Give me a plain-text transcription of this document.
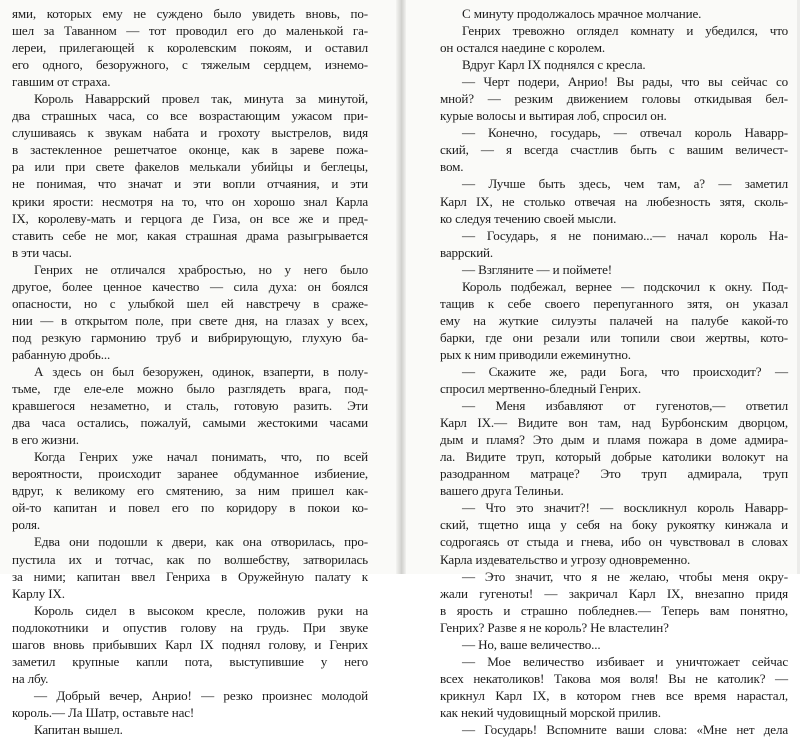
ями, которых ему не суждено было увидеть вновь, по-
шел за Таванном — тот проводил его до маленькой га-
лереи, прилегающей к королевским покоям, и оставил
его одного, безоружного, с тяжелым сердцем, изнемо-
гавшим от страха.
Король Наваррский провел так, минута за минутой,
два страшных часа, со все возрастающим ужасом при-
слушиваясь к звукам набата и грохоту выстрелов, видя
в застекленное решетчатое оконце, как в зареве пожа-
ра или при свете факелов мелькали убийцы и беглецы,
не понимая, что значат и эти вопли отчаяния, и эти
крики ярости: несмотря на то, что он хорошо знал Карла
IX, королеву-мать и герцога де Гиза, он все же и пред-
ставить себе не мог, какая страшная драма разыгрывается
в эти часы.
Генрих не отличался храбростью, но у него было
другое, более ценное качество — сила духа: он боялся
опасности, но с улыбкой шел ей навстречу в сраже-
нии — в открытом поле, при свете дня, на глазах у всех,
под резкую гармонию труб и вибрирующую, глухую ба-
рабанную дробь...
А здесь он был безоружен, одинок, взаперти, в полу-
тьме, где еле-еле можно было разглядеть врага, под-
кравшегося незаметно, и сталь, готовую разить. Эти
два часа остались, пожалуй, самыми жестокими часами
в его жизни.
Когда Генрих уже начал понимать, что, по всей
вероятности, происходит заранее обдуманное избиение,
вдруг, к великому его смятению, за ним пришел как-
ой-то капитан и повел его по коридору в покои ко-
роля.
Едва они подошли к двери, как она отворилась, про-
пустила их и тотчас, как по волшебству, затворилась
за ними; капитан ввел Генриха в Оружейную палату к
Карлу IX.
Король сидел в высоком кресле, положив руки на
подлокотники и опустив голову на грудь. При звуке
шагов вновь прибывших Карл IX поднял голову, и Генрих
заметил крупные капли пота, выступившие у него
на лбу.
— Добрый вечер, Анрио! — резко произнес молодой
король.— Ла Шатр, оставьте нас!
Капитан вышел.
С минуту продолжалось мрачное молчание.
Генрих тревожно оглядел комнату и убедился, что
он остался наедине с королем.
Вдруг Карл IX поднялся с кресла.
— Черт подери, Анрио! Вы рады, что вы сейчас со
мной? — резким движением головы откидывая бел-
курые волосы и вытирая лоб, спросил он.
— Конечно, государь, — отвечал король Наварр-
ский, — я всегда счастлив быть с вашим величест-
вом.
— Лучше быть здесь, чем там, а? — заметил
Карл IX, не столько отвечая на любезность зятя, сколь-
ко следуя течению своей мысли.
— Государь, я не понимаю...— начал король На-
варрский.
— Взгляните — и поймете!
Король подбежал, вернее — подскочил к окну. Под-
тащив к себе своего перепуганного зятя, он указал
ему на жуткие силуэты палачей на палубе какой-то
барки, где они резали или топили свои жертвы, кото-
рых к ним приводили ежеминутно.
— Скажите же, ради Бога, что происходит? —
спросил мертвенно-бледный Генрих.
— Меня избавляют от гугенотов,— ответил
Карл IX.— Видите вон там, над Бурбонским дворцом,
дым и пламя? Это дым и пламя пожара в доме адмира-
ла. Видите труп, который добрые католики волокут на
разодранном матраце? Это труп адмирала, труп
вашего друга Телиньи.
— Что это значит?! — воскликнул король Наварр-
ский, тщетно ища у себя на боку рукоятку кинжала и
содрогаясь от стыда и гнева, ибо он чувствовал в словах
Карла издевательство и угрозу одновременно.
— Это значит, что я не желаю, чтобы меня окру-
жали гугеноты! — закричал Карл IX, внезапно придя
в ярость и страшно побледнев.— Теперь вам понятно,
Генрих? Разве я не король? Не властелин?
— Но, ваше величество...
— Мое величество избивает и уничтожает сейчас
всех некатоликов! Такова моя воля! Вы не католик? —
крикнул Карл IX, в котором гнев все время нарастал,
как некий чудовищный морской прилив.
— Государь! Вспомните ваши слова: «Мне нет дела
